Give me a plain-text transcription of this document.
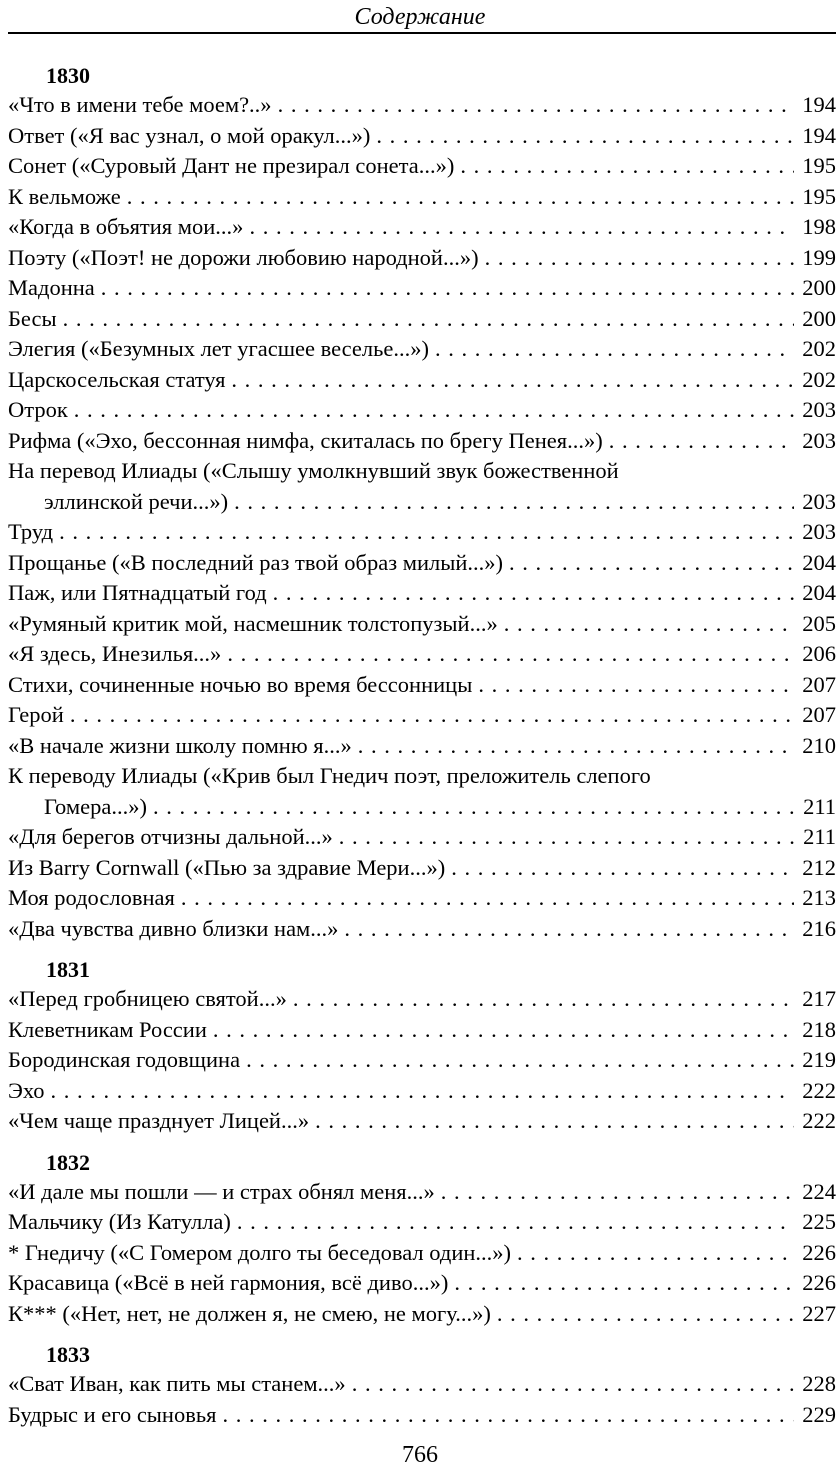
Содержание
1830
«Что в имени тебе моем?..» . . .	194
Ответ («Я вас узнал, о мой оракул...») . . .	194
Сонет («Суровый Дант не презирал сонета...») . . .	195
К вельможе . . .	195
«Когда в объятия мои...» . . .	198
Поэту («Поэт! не дорожи любовию народной...») . . .	199
Мадонна . . .	200
Бесы . . .	200
Элегия («Безумных лет угасшее веселье...») . . .	202
Царскосельская статуя . . .	202
Отрок . . .	203
Рифма («Эхо, бессонная нимфа, скиталась по брегу Пенея...») . . .	203
На перевод Илиады («Слышу умолкнувший звук божественной
эллинской речи...») . . .	203
Труд . . .	203
Прощанье («В последний раз твой образ милый...») . . .	204
Паж, или Пятнадцатый год . . .	204
«Румяный критик мой, насмешник толстопузый...» . . .	205
«Я здесь, Инезилья...» . . .	206
Стихи, сочиненные ночью во время бессонницы . . .	207
Герой . . .	207
«В начале жизни школу помню я...» . . .	210
К переводу Илиады («Крив был Гнедич поэт, преложитель слепого
Гомера...») . . .	211
«Для берегов отчизны дальной...» . . .	211
Из Barry Cornwall («Пью за здравие Мери...») . . .	212
Моя родословная . . .	213
«Два чувства дивно близки нам...» . . .	216
1831
«Перед гробницею святой...» . . .	217
Клеветникам России . . .	218
Бородинская годовщина . . .	219
Эхо . . .	222
«Чем чаще празднует Лицей...» . . .	222
1832
«И дале мы пошли — и страх обнял меня...» . . .	224
Мальчику (Из Катулла) . . .	225
* Гнедичу («С Гомером долго ты беседовал один...») . . .	226
Красавица («Всё в ней гармония, всё диво...») . . .	226
К*** («Нет, нет, не должен я, не смею, не могу...») . . .	227
1833
«Сват Иван, как пить мы станем...» . . .	228
Будрыс и его сыновья . . .	229
766
